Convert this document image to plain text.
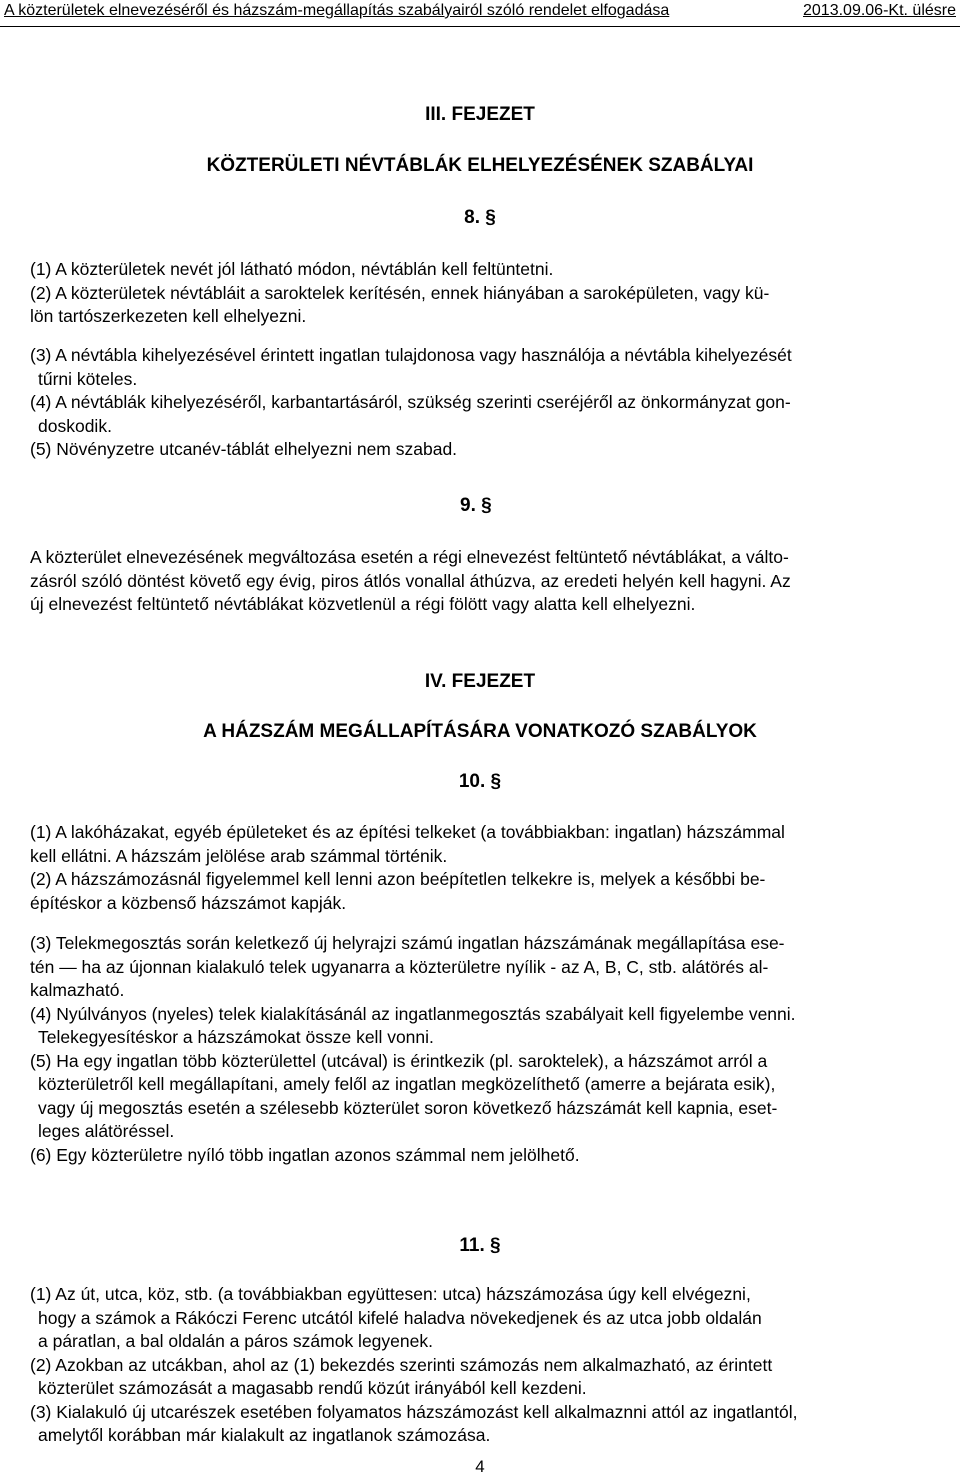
A közterületek elnevezéséről és házszám-megállapítás szabályairól szóló rendelet elfogadása	2013.09.06-Kt. ülésre
III. FEJEZET
KÖZTERÜLETI NÉVTÁBLÁK ELHELYEZÉSÉNEK SZABÁLYAI
8. §
(1) A közterületek nevét jól látható módon, névtáblán kell feltüntetni.
(2) A közterületek névtábláit a saroktelek kerítésén, ennek hiányában a saroképületen, vagy kü-
lön tartószerkezeten kell elhelyezni.
(3) A névtábla kihelyezésével érintett ingatlan tulajdonosa vagy használója a névtábla kihelyezését
tűrni köteles.
(4) A névtáblák kihelyezéséről, karbantartásáról, szükség szerinti cseréjéről az önkormányzat gon-
doskodik.
(5) Növényzetre utcanév-táblát elhelyezni nem szabad.
9. §
A közterület elnevezésének megváltozása esetén a régi elnevezést feltüntető névtáblákat, a válto-
zásról szóló döntést követő egy évig, piros átlós vonallal áthúzva, az eredeti helyén kell hagyni. Az
új elnevezést feltüntető névtáblákat közvetlenül a régi fölött vagy alatta kell elhelyezni.
IV. FEJEZET
A HÁZSZÁM MEGÁLLAPÍTÁSÁRA VONATKOZÓ SZABÁLYOK
10. §
(1) A lakóházakat, egyéb épületeket és az építési telkeket (a továbbiakban: ingatlan) házszámmal
kell ellátni. A házszám jelölése arab számmal történik.
(2) A házszámozásnál figyelemmel kell lenni azon beépítetlen telkekre is, melyek a későbbi be-
építéskor a közbenső házszámot kapják.
(3) Telekmegosztás során keletkező új helyrajzi számú ingatlan házszámának megállapítása ese-
tén — ha az újonnan kialakuló telek ugyanarra a közterületre nyílik - az A, B, C, stb. alátörés al-
kalmazható.
(4) Nyúlványos (nyeles) telek kialakításánál az ingatlanmegosztás szabályait kell figyelembe venni.
Telekegyesítéskor a házszámokat össze kell vonni.
(5) Ha egy ingatlan több közterülettel (utcával) is érintkezik (pl. saroktelek), a házszámot arról a
közterületről kell megállapítani, amely felől az ingatlan megközelíthető (amerre a bejárata esik),
vagy új megosztás esetén a szélesebb közterület soron következő házszámát kell kapnia, eset-
leges alátöréssel.
(6) Egy közterületre nyíló több ingatlan azonos számmal nem jelölhető.
11. §
(1) Az út, utca, köz, stb. (a továbbiakban együttesen: utca) házszámozása úgy kell elvégezni,
hogy a számok a Rákóczi Ferenc utcától kifelé haladva növekedjenek és az utca jobb oldalán
a páratlan, a bal oldalán a páros számok legyenek.
(2) Azokban az utcákban, ahol az (1) bekezdés szerinti számozás nem alkalmazható, az érintett
közterület számozását a magasabb rendű közút irányából kell kezdeni.
(3) Kialakuló új utcarészek esetében folyamatos házszámozást kell alkalmaznni attól az ingatlantól,
amelytől korábban már kialakult az ingatlanok számozása.
4
